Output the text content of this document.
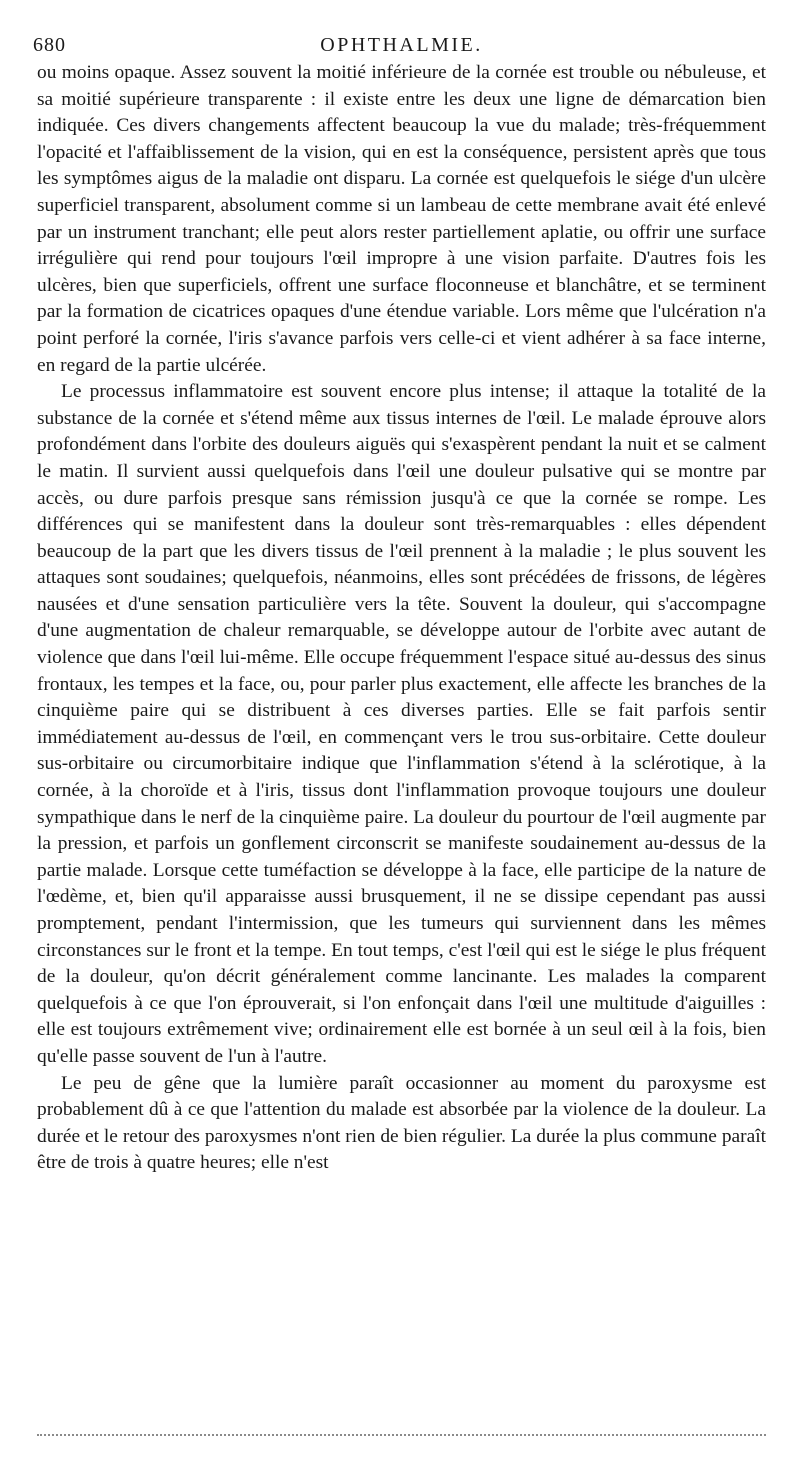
680	OPHTHALMIE.

ou moins opaque. Assez souvent la moitié inférieure de la cornée est trouble ou nébuleuse, et sa moitié supérieure transparente : il existe entre les deux une ligne de démarcation bien indiquée. Ces divers changements affectent beaucoup la vue du malade; très-fréquemment l'opacité et l'affaiblissement de la vision, qui en est la conséquence, persistent après que tous les symptômes aigus de la maladie ont disparu. La cornée est quelquefois le siége d'un ulcère superficiel transparent, absolument comme si un lambeau de cette membrane avait été enlevé par un instrument tranchant; elle peut alors rester partiellement aplatie, ou offrir une surface irrégulière qui rend pour toujours l'œil impropre à une vision parfaite. D'autres fois les ulcères, bien que superficiels, offrent une surface floconneuse et blanchâtre, et se terminent par la formation de cicatrices opaques d'une étendue variable. Lors même que l'ulcération n'a point perforé la cornée, l'iris s'avance parfois vers celle-ci et vient adhérer à sa face interne, en regard de la partie ulcérée.

Le processus inflammatoire est souvent encore plus intense; il attaque la totalité de la substance de la cornée et s'étend même aux tissus internes de l'œil. Le malade éprouve alors profondément dans l'orbite des douleurs aiguës qui s'exaspèrent pendant la nuit et se calment le matin. Il survient aussi quelquefois dans l'œil une douleur pulsative qui se montre par accès, ou dure parfois presque sans rémission jusqu'à ce que la cornée se rompe. Les différences qui se manifestent dans la douleur sont très-remarquables : elles dépendent beaucoup de la part que les divers tissus de l'œil prennent à la maladie ; le plus souvent les attaques sont soudaines; quelquefois, néanmoins, elles sont précédées de frissons, de légères nausées et d'une sensation particulière vers la tête. Souvent la douleur, qui s'accompagne d'une augmentation de chaleur remarquable, se développe autour de l'orbite avec autant de violence que dans l'œil lui-même. Elle occupe fréquemment l'espace situé au-dessus des sinus frontaux, les tempes et la face, ou, pour parler plus exactement, elle affecte les branches de la cinquième paire qui se distribuent à ces diverses parties. Elle se fait parfois sentir immédiatement au-dessus de l'œil, en commençant vers le trou sus-orbitaire. Cette douleur sus-orbitaire ou circumorbitaire indique que l'inflammation s'étend à la sclérotique, à la cornée, à la choroïde et à l'iris, tissus dont l'inflammation provoque toujours une douleur sympathique dans le nerf de la cinquième paire. La douleur du pourtour de l'œil augmente par la pression, et parfois un gonflement circonscrit se manifeste soudainement au-dessus de la partie malade. Lorsque cette tuméfaction se développe à la face, elle participe de la nature de l'œdème, et, bien qu'il apparaisse aussi brusquement, il ne se dissipe cependant pas aussi promptement, pendant l'intermission, que les tumeurs qui surviennent dans les mêmes circonstances sur le front et la tempe. En tout temps, c'est l'œil qui est le siége le plus fréquent de la douleur, qu'on décrit généralement comme lancinante. Les malades la comparent quelquefois à ce que l'on éprouverait, si l'on enfonçait dans l'œil une multitude d'aiguilles : elle est toujours extrêmement vive; ordinairement elle est bornée à un seul œil à la fois, bien qu'elle passe souvent de l'un à l'autre.

Le peu de gêne que la lumière paraît occasionner au moment du paroxysme est probablement dû à ce que l'attention du malade est absorbée par la violence de la douleur. La durée et le retour des paroxysmes n'ont rien de bien régulier. La durée la plus commune paraît être de trois à quatre heures; elle n'est
